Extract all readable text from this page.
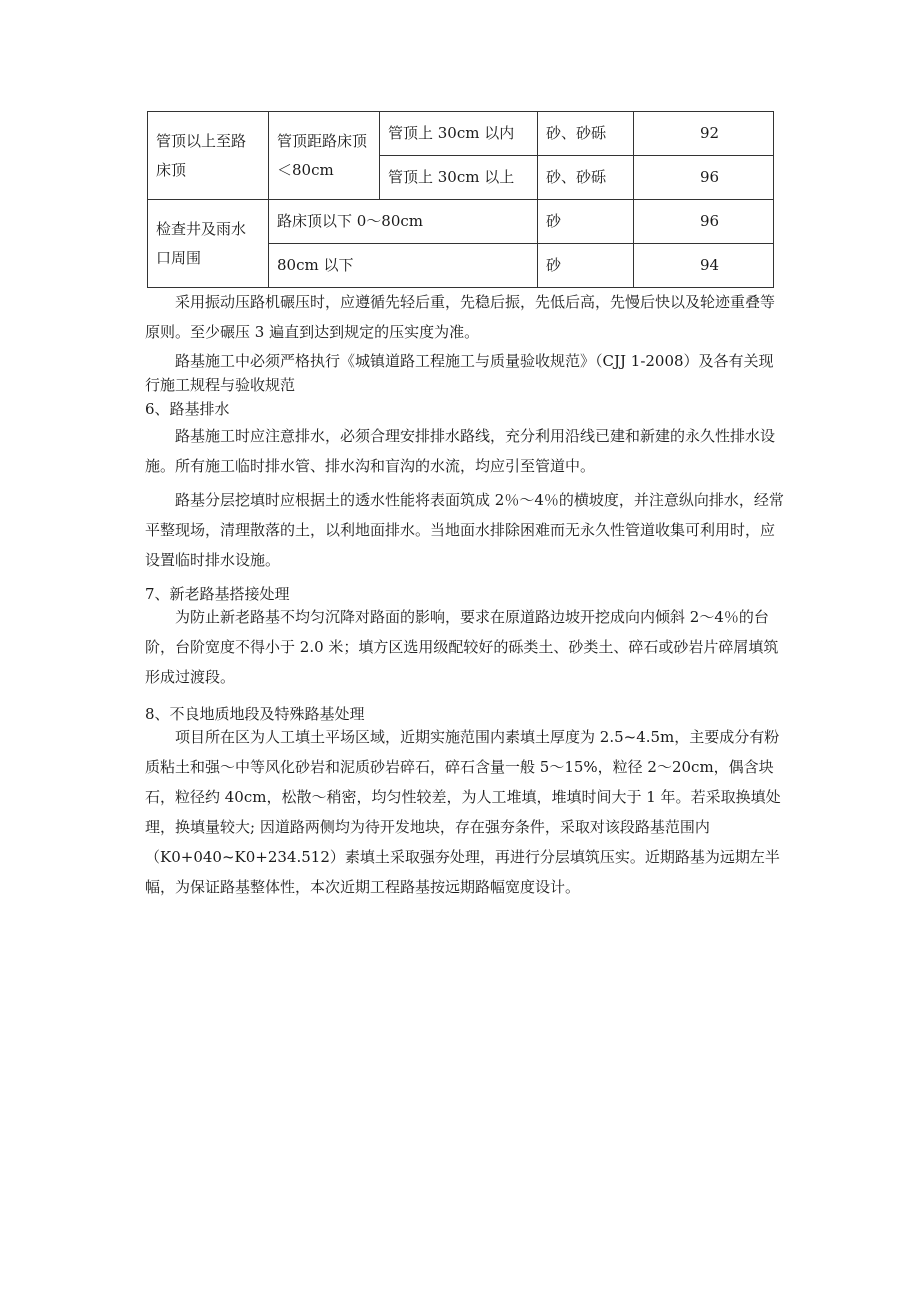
管顶以上至路床顶	管顶距路床顶＜80cm	管顶上 30cm 以内	砂、砂砾	92
		管顶上 30cm 以上	砂、砂砾	96
检查井及雨水口周围	路床顶以下 0～80cm		砂	96
	80cm 以下		砂	94

采用振动压路机碾压时，应遵循先轻后重，先稳后振，先低后高，先慢后快以及轮迹重叠等原则。至少碾压 3 遍直到达到规定的压实度为准。

路基施工中必须严格执行《城镇道路工程施工与质量验收规范》（CJJ 1-2008）及各有关现行施工规程与验收规范

6、路基排水

路基施工时应注意排水，必须合理安排排水路线，充分利用沿线已建和新建的永久性排水设施。所有施工临时排水管、排水沟和盲沟的水流，均应引至管道中。

路基分层挖填时应根据土的透水性能将表面筑成 2％～4％的横坡度，并注意纵向排水，经常平整现场，清理散落的土，以利地面排水。当地面水排除困难而无永久性管道收集可利用时，应设置临时排水设施。

7、新老路基搭接处理

为防止新老路基不均匀沉降对路面的影响，要求在原道路边坡开挖成向内倾斜 2～4％的台阶，台阶宽度不得小于 2.0 米；填方区选用级配较好的砾类土、砂类土、碎石或砂岩片碎屑填筑形成过渡段。

8、不良地质地段及特殊路基处理

项目所在区为人工填土平场区域，近期实施范围内素填土厚度为 2.5~4.5m，主要成分有粉质粘土和强～中等风化砂岩和泥质砂岩碎石，碎石含量一般 5～15%，粒径 2～20cm，偶含块石，粒径约 40cm，松散～稍密，均匀性较差，为人工堆填，堆填时间大于 1 年。若采取换填处理，换填量较大; 因道路两侧均为待开发地块，存在强夯条件，采取对该段路基范围内（K0+040~K0+234.512）素填土采取强夯处理，再进行分层填筑压实。近期路基为远期左半幅，为保证路基整体性，本次近期工程路基按远期路幅宽度设计。
